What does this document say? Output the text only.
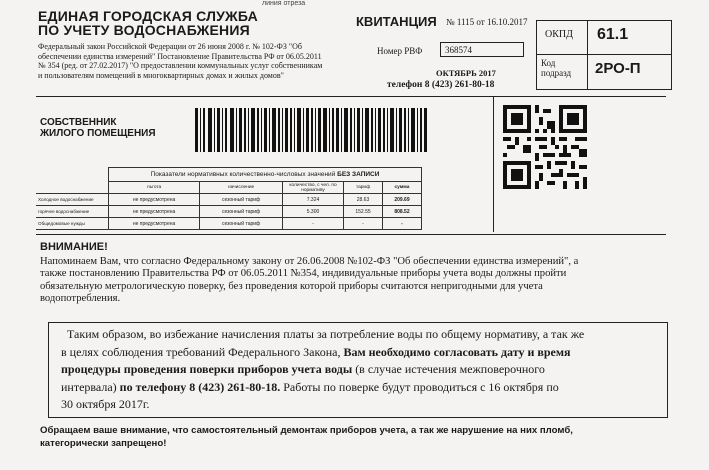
линия отреза
ЕДИНАЯ ГОРОДСКАЯ СЛУЖБА
ПО УЧЕТУ ВОДОСНАБЖЕНИЯ
Федеральный закон Российской Федерации от 26 июня 2008 г. № 102-ФЗ "Об
обеспечении единства измерений" Постановление Правительства РФ от 06.05.2011
№ 354 (ред. от 27.02.2017) "О предоставлении коммунальных услуг собственникам
и пользователям помещений в многоквартирных домах и жилых домов"
КВИТАНЦИЯ № 1115 от 16.10.2017
Номер РВФ	368574
ОКТЯБРЬ 2017
телефон 8 (423) 261-80-18
ОКПД 61.1
Код
подразд 2РО-П
СОБСТВЕННИК
ЖИЛОГО ПОМЕЩЕНИЯ
	Показатели нормативных количественно-числовых значений БЕЗ ЗАПИСИ				
	льгота	начисление	количество, с чел. по нормативу	тариф	сумма
Холодное водоснабжение	не предусмотрена	сезонный тариф	7.324	28.63	209.69
горячее водоснабжение	не предусмотрена	сезонный тариф	5.300	152.55	808.52
Общедомовые нужды	не предусмотрена	сезонный тариф	-	-	-
ВНИМАНИЕ!
Напоминаем Вам, что согласно Федеральному закону от 26.06.2008 №102-ФЗ "Об обеспечении единства измерений", а
также постановлению Правительства РФ от 06.05.2011 №354, индивидуальные приборы учета воды должны пройти
обязательную метрологическую поверку, без проведения которой приборы считаются непригодными для учета
водопотребления.
Таким образом, во избежание начисления платы за потребление воды по общему нормативу, а так же
в целях соблюдения требований Федерального Закона, Вам необходимо согласовать дату и время
процедуры проведения поверки приборов учета воды (в случае истечения межповерочного
интервала) по телефону 8 (423) 261-80-18. Работы по поверке будут проводиться с 16 октября по
30 октября 2017г.
Обращаем ваше внимание, что самостоятельный демонтаж приборов учета, а так же нарушение на них пломб,
категорически запрещено!
